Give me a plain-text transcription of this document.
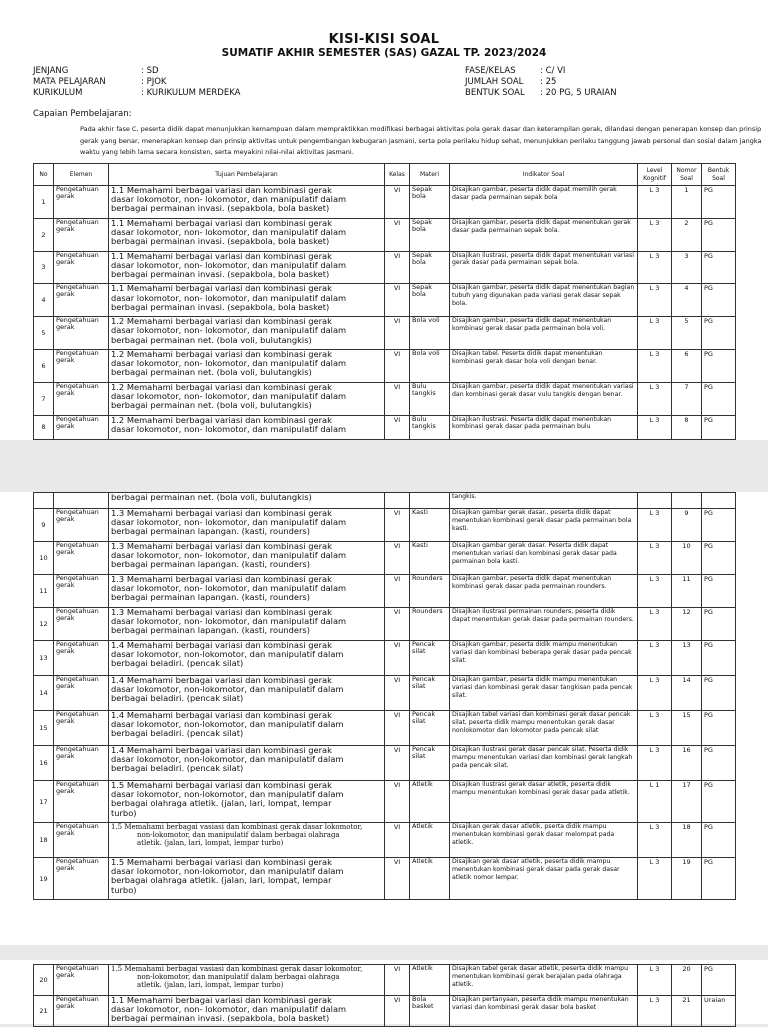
KISI-KISI SOAL
SUMATIF AKHIR SEMESTER (SAS) GAZAL TP. 2023/2024
JENJANG	: SD
MATA PELAJARAN	: PJOK
KURIKULUM	: KURIKULUM MERDEKA
FASE/KELAS	: C/ VI
JUMLAH SOAL	: 25
BENTUK SOAL	: 20 PG, 5 URAIAN
Capaian Pembelajaran:
Pada akhir fase C, peserta didik dapat menunjukkan kemampuan dalam mempraktikkan modifikasi berbagai aktivitas pola gerak dasar dan keterampilan gerak, dilandasi dengan penerapan konsep dan prinsip gerak yang benar, menerapkan konsep dan prinsip aktivitas untuk pengembangan kebugaran jasmani, serta pola perilaku hidup sehat, menunjukkan perilaku tanggung jawab personal dan sosial dalam jangka waktu yang lebih lama secara konsisten, serta meyakini nilai-nilai aktivitas jasmani.
No	Elemen	Tujuan Pembelajaran	Kelas	Materi	Indikator Soal	Level Kognitif	Nomor Soal	Bentuk Soal
1	Pengetahuan gerak	1.1 Memahami berbagai variasi dan kombinasi gerak
dasar lokomotor, non- lokomotor, dan manipulatif dalam
berbagai permainan invasi. (sepakbola, bola basket)	VI	Sepak bola	Disajikan gambar, peserta didik dapat memilih gerak dasar pada permainan sepak bola	L 3	1	PG
2	Pengetahuan gerak	1.1 Memahami berbagai variasi dan kombinasi gerak
dasar lokomotor, non- lokomotor, dan manipulatif dalam
berbagai permainan invasi. (sepakbola, bola basket)	VI	Sepak bola	Disajikan gambar, peserta didik dapat menentukan gerak dasar pada permainan sepak bola.	L 3	2	PG
3	Pengetahuan gerak	1.1 Memahami berbagai variasi dan kombinasi gerak
dasar lokomotor, non- lokomotor, dan manipulatif dalam
berbagai permainan invasi. (sepakbola, bola basket)	VI	Sepak bola	Disajikan ilustrasi, peserta didik dapat menentukan variasi gerak dasar pada permainan sepak bola.	L 3	3	PG
4	Pengetahuan gerak	1.1 Memahami berbagai variasi dan kombinasi gerak
dasar lokomotor, non- lokomotor, dan manipulatif dalam
berbagai permainan invasi. (sepakbola, bola basket)	VI	Sepak bola	Disajikan gambar, peserta didik dapat menentukan bagian tubuh yang digunakan pada variasi gerak dasar sepak bola.	L 3	4	PG
5	Pengetahuan gerak	1.2 Memahami berbagai variasi dan kombinasi gerak
dasar lokomotor, non- lokomotor, dan manipulatif dalam
berbagai permainan net. (bola voli, bulutangkis)	VI	Bola voli	Disajikan gambar, peserta didik dapat menentukan kombinasi gerak dasar pada permainan bola voli.	L 3	5	PG
6	Pengetahuan gerak	1.2 Memahami berbagai variasi dan kombinasi gerak
dasar lokomotor, non- lokomotor, dan manipulatif dalam
berbagai permainan net. (bola voli, bulutangkis)	VI	Bola voli	Disajikan tabel. Peserta didik dapat menentukan kombinasi gerak dasar bola voli dengan benar.	L 3	6	PG
7	Pengetahuan gerak	1.2 Memahami berbagai variasi dan kombinasi gerak
dasar lokomotor, non- lokomotor, dan manipulatif dalam
berbagai permainan net. (bola voli, bulutangkis)	VI	Bulu tangkis	Disajikan gambar, peserta didik dapat menentukan variasi dan kombinasi gerak dasar vulu tangkis dengan benar.	L 3	7	PG
8	Pengetahuan gerak	1.2 Memahami berbagai variasi dan kombinasi gerak
dasar lokomotor, non- lokomotor, dan manipulatif dalam	VI	Bulu tangkis	Disajikan ilustrasi. Peserta didik dapat menentukan kombinasi gerak dasar pada permainan bulu	L 3	8	PG
		berbagai permainan net. (bola voli, bulutangkis)			tangkis.			
9	Pengetahuan gerak	1.3 Memahami berbagai variasi dan kombinasi gerak
dasar lokomotor, non- lokomotor, dan manipulatif dalam
berbagai permainan lapangan. (kasti, rounders)	VI	Kasti	Disajikan gambar gerak dasar., peserta didik dapat menentukan kombinasi gerak dasar pada permainan bola kasti.	L 3	9	PG
10	Pengetahuan gerak	1.3 Memahami berbagai variasi dan kombinasi gerak
dasar lokomotor, non- lokomotor, dan manipulatif dalam
berbagai permainan lapangan. (kasti, rounders)	VI	Kasti	Disajikan gambar gerak dasar. Peserta didik dapat menentukan variasi dan kombinasi gerak dasar pada permainan bola kasti.	L 3	10	PG
11	Pengetahuan gerak	1.3 Memahami berbagai variasi dan kombinasi gerak
dasar lokomotor, non- lokomotor, dan manipulatif dalam
berbagai permainan lapangan. (kasti, rounders)	VI	Rounders	Disajikan gambar, peserta didik dapat menentukan kombinasi gerak dasar pada permainan rounders.	L 3	11	PG
12	Pengetahuan gerak	1.3 Memahami berbagai variasi dan kombinasi gerak
dasar lokomotor, non- lokomotor, dan manipulatif dalam
berbagai permainan lapangan. (kasti, rounders)	VI	Rounders	Disajikan ilustrasi permainan rounders, peserta didik dapat menentukan gerak dasar pada permainan rounders.	L 3	12	PG
13	Pengetahuan gerak	1.4 Memahami berbagai variasi dan kombinasi gerak
dasar lokomotor, non-lokomotor, dan manipulatif dalam
berbagai beladiri. (pencak silat)	VI	Pencak silat	Disajikan gambar, peserta didik mampu menentukan variasi dan kombinasi beberapa gerak dasar pada pencak silat.	L 3	13	PG
14	Pengetahuan gerak	1.4 Memahami berbagai variasi dan kombinasi gerak
dasar lokomotor, non-lokomotor, dan manipulatif dalam
berbagai beladiri. (pencak silat)	VI	Pencak silat	Disajikan gambar, peserta didik mampu menentukan variasi dan kombinasi gerak dasar tangkisan pada pencak silat.	L 3	14	PG
15	Pengetahuan gerak	1.4 Memahami berbagai variasi dan kombinasi gerak
dasar lokomotor, non-lokomotor, dan manipulatif dalam
berbagai beladiri. (pencak silat)	VI	Pencak silat	Disajikan tabel variasi dan kombinasi gerak dasar pencak silat, peserta didik mampu menentukan gerak dasar nonlokomotor dan lokomotor pada pencak silat	L 3	15	PG
16	Pengetahuan gerak	1.4 Memahami berbagai variasi dan kombinasi gerak
dasar lokomotor, non-lokomotor, dan manipulatif dalam
berbagai beladiri. (pencak silat)	VI	Pencak silat	Disajikan ilustrasi gerak dasar pencak silat. Peserta didik mampu menentukan variasi dan kombinasi gerak langkah pada pencak silat.	L 3	16	PG
17	Pengetahuan gerak	1.5 Memahami berbagai variasi dan kombinasi gerak
dasar lokomotor, non-lokomotor, dan manipulatif dalam
berbagai olahraga atletik. (jalan, lari, lompat, lempar
turbo)	VI	Atletik	Disajikan ilustrasi gerak dasar atletik, peserta didik mampu menentukan kombinasi gerak dasar pada atletik.	L 1	17	PG
18	Pengetahuan gerak	1.5 Memahami berbagai vasiasi dan kombinasi gerak dasar lokomotor,
non-lokomotor, dan manipulatif dalam berbagai olahraga
atletik. (jalan, lari, lompat, lempar turbo)	VI	Atletik	Disajikan gerak dasar atletik, pserta didik mampu menentukan kombinasi gerak dasar melompat pada atletik.	L 3	18	PG
19	Pengetahuan gerak	1.5 Memahami berbagai variasi dan kombinasi gerak
dasar lokomotor, non-lokomotor, dan manipulatif dalam
berbagai olahraga atletik. (jalan, lari, lompat, lempar
turbo)	VI	Atletik	Disajikan gerak dasar atletik, peserta didik mampu menentukan kombinasi gerak dasar pada gerak dasar atletik nomor lempar.	L 3	19	PG
20	Pengetahuan gerak	1.5 Memahami berbagai vasiasi dan kombinasi gerak dasar lokomotor,
non-lokomotor, dan manipulatif dalam berbagai olahraga
atletik. (jalan, lari, lompat, lempar turbo)	VI	Atletik	Disajikan tabel gerak dasar atletik, peserta didik mampu menentukan kombinasi gerak berajalan pada olahraga atletik.	L 3	20	PG
21	Pengetahuan gerak	1.1 Memahami berbagai variasi dan kombinasi gerak
dasar lokomotor, non- lokomotor, dan manipulatif dalam
berbagai permainan invasi. (sepakbola, bola basket)	VI	Bola basket	Disajikan pertanyaan, peserta didik mampu menentukan variasi dan kombinasi gerak dasar bola basket	L 3	21	Uraian
